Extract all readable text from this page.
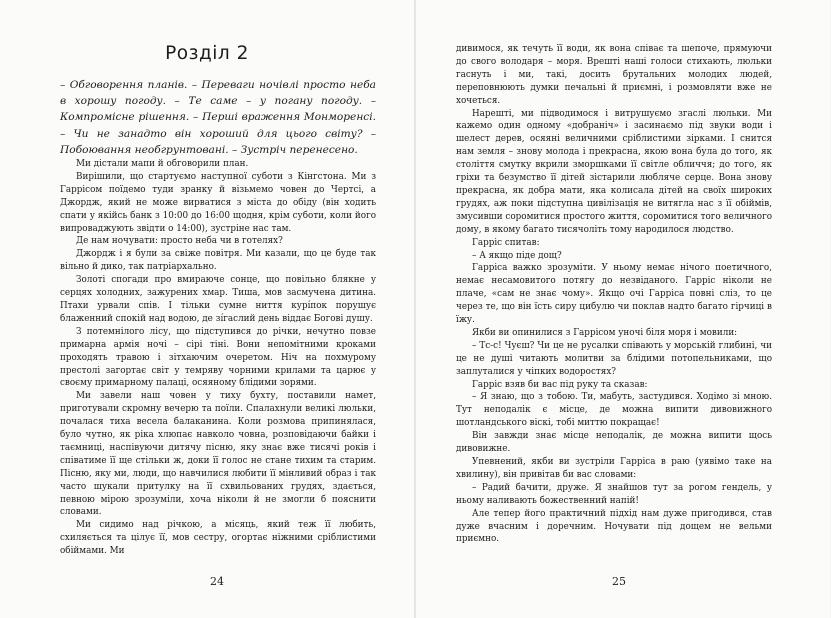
Розділ 2
– Обговорення планів. – Переваги ночівлі просто неба в хорошу погоду. – Те саме – у погану погоду. – Компромісне рішення. – Перші враження Монморенсі. – Чи не занадто він хороший для цього світу? – Побоювання необгрунтовані. – Зустріч перенесено.

Ми дістали мапи й обговорили план.

Вирішили, що стартуємо наступної суботи з Кінгстона. Ми з Гаррісом поїдемо туди зранку й візьмемо човен до Чертсі, а Джордж, який не може вирватися з міста до обіду (він ходить спати у якійсь банк з 10:00 до 16:00 щодня, крім суботи, коли його випроваджують звідти о 14:00), зустріне нас там.

Де нам ночувати: просто неба чи в готелях?

Джордж і я були за свіже повітря. Ми казали, що це буде так вільно й дико, так патріархально.

Золоті спогади про вмираюче сонце, що повільно блякне у серцях холодних, зажурених хмар. Тиша, мов засмучена дитина. Птахи урвали спів. І тільки сумне ниття курі́пок порушує блаженний спокій над водою, де зі́гаслий день віддає Богові душу.

З потемнілого лісу, що підступився до річки, нечутно повзе примарна армія ночі – сірі тіні. Вони непомітними кроками проходять травою і зітхаючим очеретом. Ніч на похмурому престолі загортає світ у темряву чорними крилами та царює у своєму примарному палаці, осяяному блідими зорями.

Ми завели наш човен у тиху бухту, поставили намет, приготували скромну вечерю та поїли. Спалахнули великі люльки, почалася тиха весела балаканина. Коли розмова припинялася, було чутно, як ріка хлюпає навколо човна, розповідаючи байки і таємниці, наспівуючи дитячу пісню, яку знає вже тисячі років і співатиме її ще стільки ж, доки її голос не стане тихим та старим. Пісню, яку ми, люди, що навчилися любити її мінливий образ і так часто шукали притулку на її схвильованих грудях, здається, певною мірою зрозуміли, хоча ніколи й не змогли б пояснити словами.

Ми сидимо над річкою, а місяць, який теж її любить, схиляється та цілує її, мов сестру, огортає ніжними сріблистими обіймами. Ми

24

дивимося, як течуть її води, як вона співає та шепоче, прямуючи до свого володаря – моря. Врешті наші голоси стихають, люльки гаснуть і ми, такі, досить брутальних молодих людей, переповнюють думки печальні й приємні, і розмовляти вже не хочеться.

Нарешті, ми підводимося і витрушуємо згаслі люльки. Ми кажемо один одному «добраніч» і засинаємо під звуки води і шелест дерев, осяяні величними сріблистими зірками. І снится нам земля – знову молода і прекрасна, якою вона була до того, як століття смутку вкрили зморшками її світле обличчя; до того, як гріхи та безумство її дітей зістарили любляче серце. Вона знову прекрасна, як добра мати, яка колисала дітей на своїх широких грудях, аж поки підступна цивілізація не витягла нас з її обіймів, змусивши соромитися простого життя, соромитися того величного дому, в якому багато тисячоліть тому народилося людство.

Гарріс спитав:

– А якщо піде дощ?

Гарріса важко зрозуміти. У ньому немає нічого поетичного, немає несамовитого потягу до незвіданого. Гарріс ніколи не плаче, «сам не знає чому». Якщо очі Гарріса повні сліз, то це через те, що він їсть сиру цибулю чи поклав надто багато гірчиці в їжу.

Якби ви опинилися з Гаррісом уночі біля моря і мовили:

– Тс-с! Чуєш? Чи це не русалки співають у морській глибині, чи це не душі читають молитви за блідими потопельниками, що заплуталися у чіпких водоростях?

Гарріс взяв би вас під руку та сказав:

– Я знаю, що з тобою. Ти, мабуть, застудився. Ходімо зі мною. Тут неподалік є місце, де можна випити дивовижного шотландського віскі, тобі миттю покращає!

Він завжди знає місце неподалік, де можна випити щось дивовижне.

Упевнений, якби ви зустріли Гарріса в раю (уявімо таке на хвилину), він привітав би вас словами:

– Радий бачити, друже. Я знайшов тут за рогом гендель, у ньому наливають божественний напій!

Але тепер його практичний підхід нам дуже пригодився, став дуже вчасним і доречним. Ночувати під дощем не вельми приємно.

25
